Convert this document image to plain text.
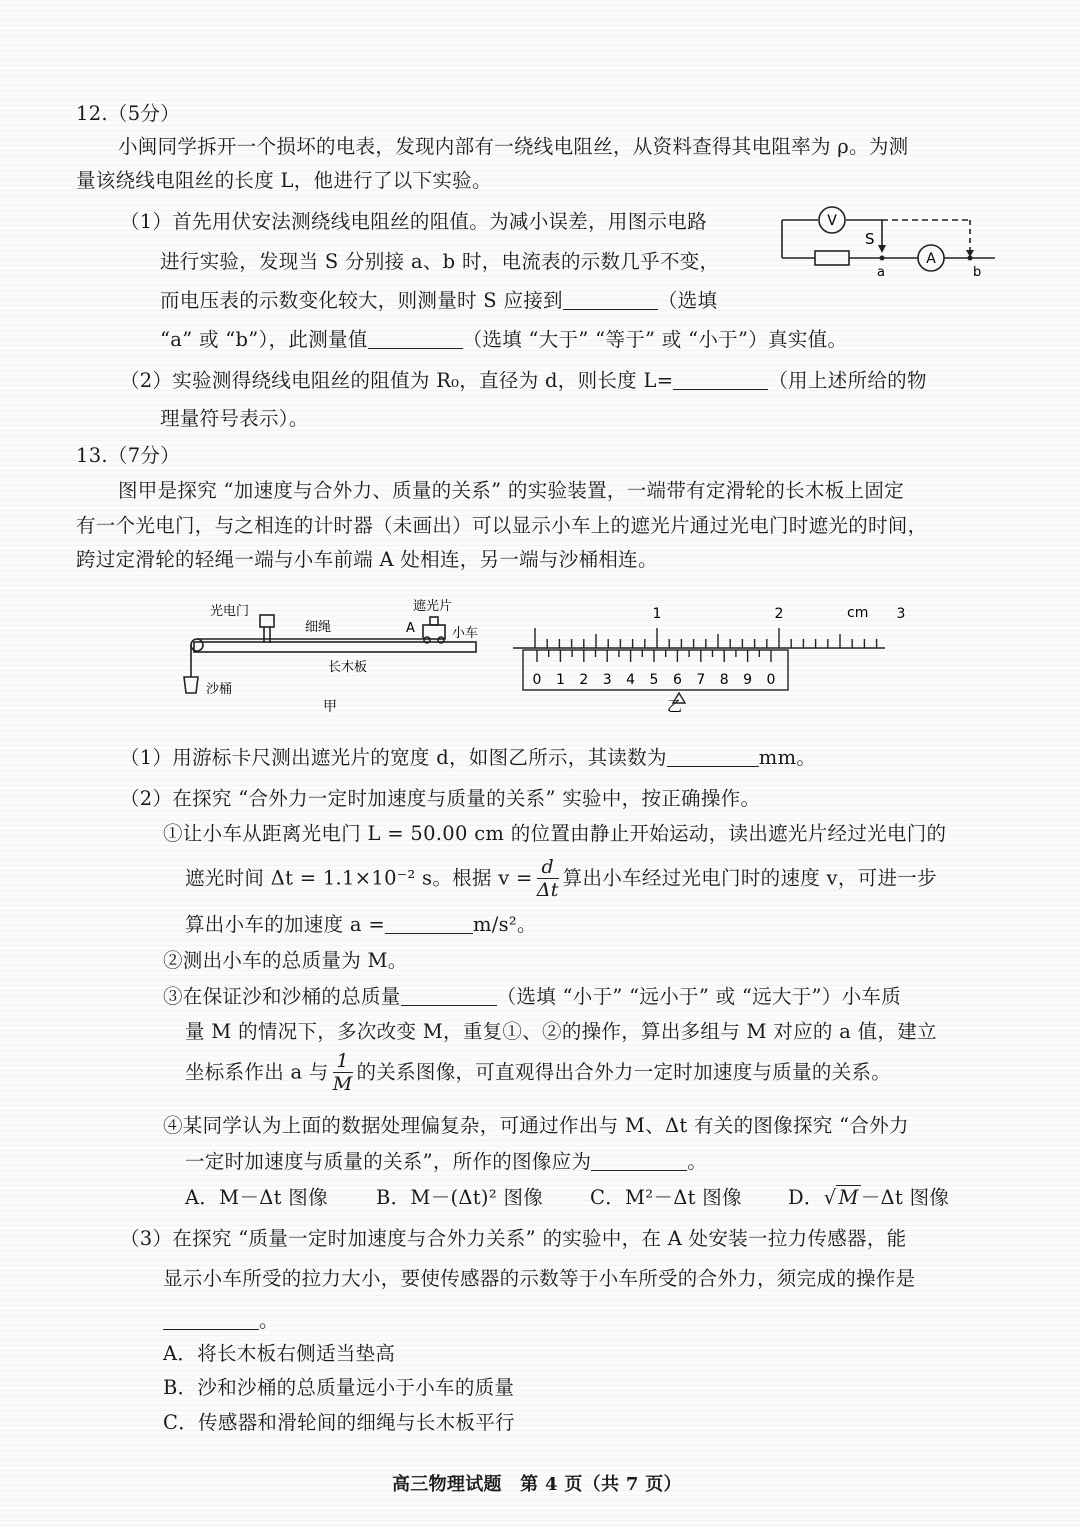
12.（5分）
小闽同学拆开一个损坏的电表，发现内部有一绕线电阻丝，从资料查得其电阻率为 ρ。为测
量该绕线电阻丝的长度 L，他进行了以下实验。
（1）首先用伏安法测绕线电阻丝的阻值。为减小误差，用图示电路
进行实验，发现当 S 分别接 a、b 时，电流表的示数几乎不变，
而电压表的示数变化较大，则测量时 S 应接到	（选填
“a” 或 “b”），此测量值	（选填 “大于” “等于” 或 “小于”）真实值。
V
A
S
a	b
（2）实验测得绕线电阻丝的阻值为 R₀，直径为 d，则长度 L=	（用上述所给的物
理量符号表示）。
13.（7分）
图甲是探究 “加速度与合外力、质量的关系” 的实验装置，一端带有定滑轮的长木板上固定
有一个光电门，与之相连的计时器（未画出）可以显示小车上的遮光片通过光电门时遮光的时间，
跨过定滑轮的轻绳一端与小车前端 A 处相连，另一端与沙桶相连。
光电门
细绳
遮光片
A	小车
长木板
沙桶
甲
1	2	3
0 1 2 3 4 5 6 7 8 9 0
cm
乙
（1）用游标卡尺测出遮光片的宽度 d，如图乙所示，其读数为	mm。
（2）在探究 “合外力一定时加速度与质量的关系” 实验中，按正确操作。
①让小车从距离光电门 L = 50.00 cm 的位置由静止开始运动，读出遮光片经过光电门的
遮光时间 Δt = 1.1×10⁻² s。根据 $v = \frac{d}{\Delta t}$ 算出小车经过光电门时的速度 v，可进一步
算出小车的加速度 a =	m/s²。
②测出小车的总质量为 M。
③在保证沙和沙桶的总质量	（选填 “小于” “远小于” 或 “远大于”）小车质
量 M 的情况下，多次改变 M，重复①、②的操作，算出多组与 M 对应的 a 值，建立
坐标系作出 a 与 $\frac{1}{M}$ 的关系图像，可直观得出合外力一定时加速度与质量的关系。
④某同学认为上面的数据处理偏复杂，可通过作出与 M、Δt 有关的图像探究 “合外力
一定时加速度与质量的关系”，所作的图像应为	。
A．M－Δt 图像 B．M－(Δt)² 图像 C．M²－Δt 图像 D．√ M －Δt 图像
（3）在探究 “质量一定时加速度与合外力关系” 的实验中，在 A 处安装一拉力传感器，能
显示小车所受的拉力大小，要使传感器的示数等于小车所受的合外力，须完成的操作是
。
A．将长木板右侧适当垫高
B．沙和沙桶的总质量远小于小车的质量
C．传感器和滑轮间的细绳与长木板平行
高三物理试题　第 4 页（共 7 页）
